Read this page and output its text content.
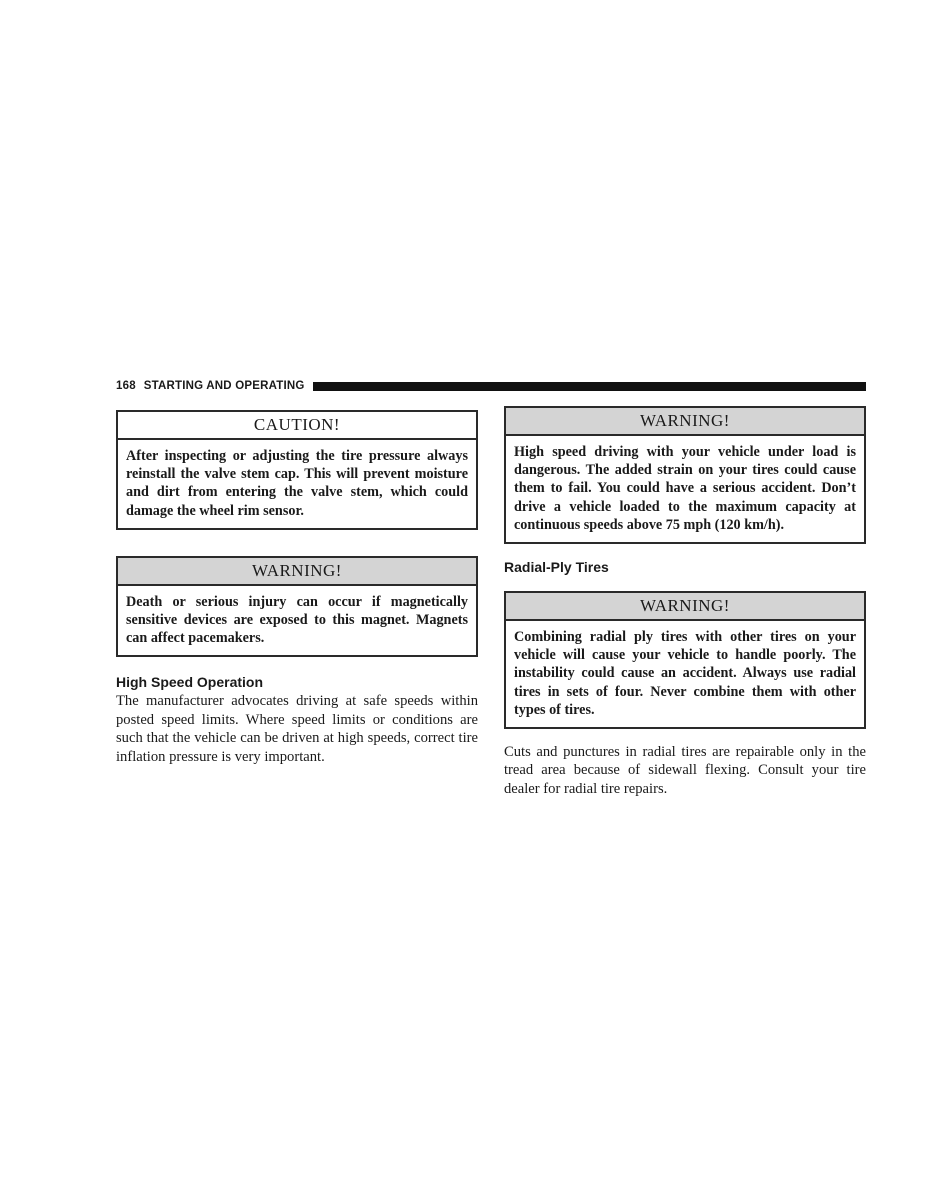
168 STARTING AND OPERATING
CAUTION!
After inspecting or adjusting the tire pressure always reinstall the valve stem cap. This will prevent moisture and dirt from entering the valve stem, which could damage the wheel rim sensor.
WARNING!
Death or serious injury can occur if magnetically sensitive devices are exposed to this magnet. Magnets can affect pacemakers.
High Speed Operation

The manufacturer advocates driving at safe speeds within posted speed limits. Where speed limits or conditions are such that the vehicle can be driven at high speeds, correct tire inflation pressure is very important.

WARNING!
High speed driving with your vehicle under load is dangerous. The added strain on your tires could cause them to fail. You could have a serious accident. Don’t drive a vehicle loaded to the maximum capacity at continuous speeds above 75 mph (120 km/h).
Radial-Ply Tires
WARNING!
Combining radial ply tires with other tires on your vehicle will cause your vehicle to handle poorly. The instability could cause an accident. Always use radial tires in sets of four. Never combine them with other types of tires.

Cuts and punctures in radial tires are repairable only in the tread area because of sidewall flexing. Consult your tire dealer for radial tire repairs.
